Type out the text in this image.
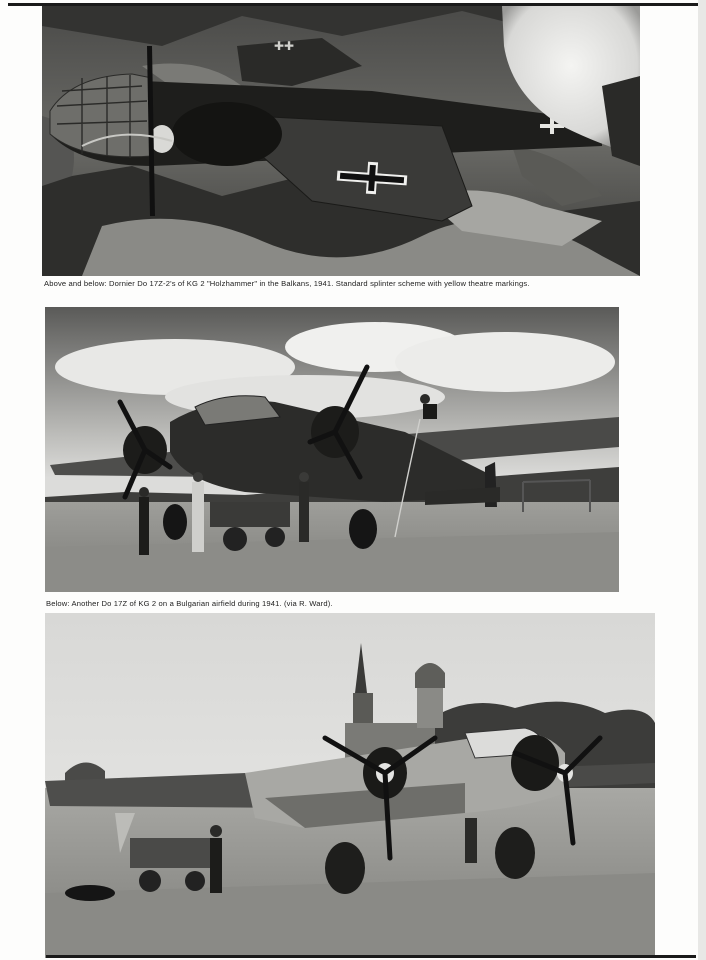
✚✚

Above and below: Dornier Do 17Z-2's of KG 2 "Holzhammer" in the Balkans, 1941. Standard splinter scheme with yellow theatre markings.

Below: Another Do 17Z of KG 2 on a Bulgarian airfield during 1941. (via R. Ward).
